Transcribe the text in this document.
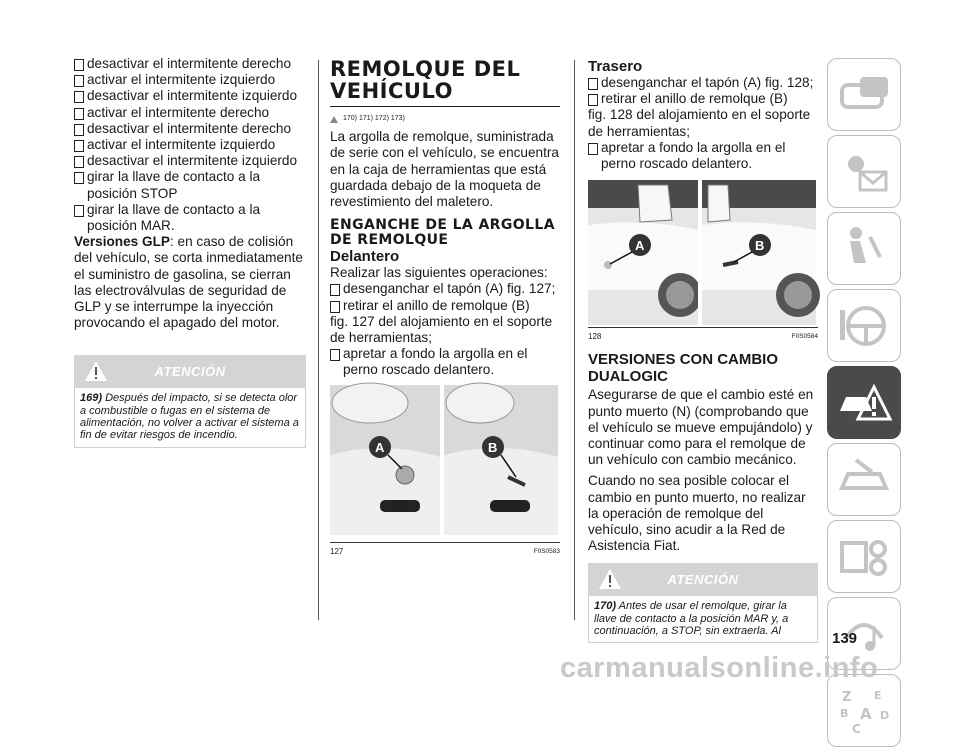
desactivar el intermitente derecho
activar el intermitente izquierdo
desactivar el intermitente izquierdo
activar el intermitente derecho
desactivar el intermitente derecho
activar el intermitente izquierdo
desactivar el intermitente izquierdo
girar la llave de contacto a la posición STOP
girar la llave de contacto a la posición MAR.

Versiones GLP: en caso de colisión del vehículo, se corta inmediatamente el suministro de gasolina, se cierran las electroválvulas de seguridad de GLP y se interrumpe la inyección provocando el apagado del motor.

ATENCIÓN
169) Después del impacto, si se detecta olor a combustible o fugas en el sistema de alimentación, no volver a activar el sistema a fin de evitar riesgos de incendio.
REMOLQUE DEL VEHÍCULO
170) 171) 172) 173)

La argolla de remolque, suministrada de serie con el vehículo, se encuentra en la caja de herramientas que está guardada debajo de la moqueta de revestimiento del maletero.

ENGANCHE DE LA ARGOLLA DE REMOLQUE
Delantero

Realizar las siguientes operaciones:

desenganchar el tapón (A) fig. 127;
retirar el anillo de remolque (B)

fig. 127 del alojamiento en el soporte de herramientas;

apretar a fondo la argolla en el perno roscado delantero.
A	B
127	F0S0583
Trasero
desenganchar el tapón (A) fig. 128;
retirar el anillo de remolque (B)

fig. 128 del alojamiento en el soporte de herramientas;

apretar a fondo la argolla en el perno roscado delantero.
A	B
128	F0S0584
VERSIONES CON CAMBIO DUALOGIC

Asegurarse de que el cambio esté en punto muerto (N) (comprobando que el vehículo se mueve empujándolo) y continuar como para el remolque de un vehículo con cambio mecánico.

Cuando no sea posible colocar el cambio en punto muerto, no realizar la operación de remolque del vehículo, sino acudir a la Red de Asistencia Fiat.

ATENCIÓN
170) Antes de usar el remolque, girar la llave de contacto a la posición MAR y, a continuación, a STOP, sin extraerla. Al
Z E
B A D
C
139
carmanualsonline.info
